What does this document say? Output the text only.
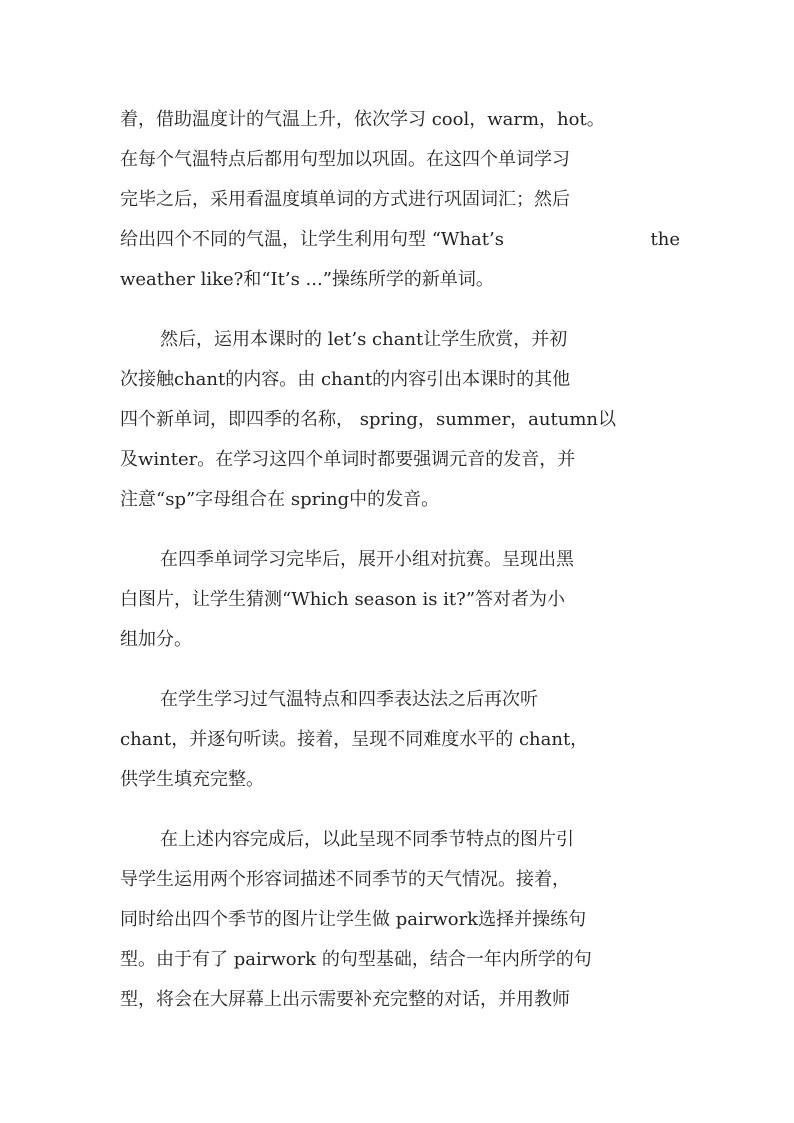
着，借助温度计的气温上升，依次学习 cool，warm，hot。
在每个气温特点后都用句型加以巩固。在这四个单词学习
完毕之后，采用看温度填单词的方式进行巩固词汇；然后
给出四个不同的气温，让学生利用句型 “What’s	the
weather like?和“It’s ...”操练所学的新单词。
然后，运用本课时的 let’s chant让学生欣赏，并初
次接触chant的内容。由 chant的内容引出本课时的其他
四个新单词，即四季的名称， spring，summer，autumn以
及winter。在学习这四个单词时都要强调元音的发音，并
注意“sp”字母组合在 spring中的发音。
在四季单词学习完毕后，展开小组对抗赛。呈现出黑
白图片，让学生猜测“Which season is it?”答对者为小
组加分。
在学生学习过气温特点和四季表达法之后再次听
chant，并逐句听读。接着，呈现不同难度水平的 chant，
供学生填充完整。
在上述内容完成后，以此呈现不同季节特点的图片引
导学生运用两个形容词描述不同季节的天气情况。接着，
同时给出四个季节的图片让学生做 pairwork选择并操练句
型。由于有了 pairwork 的句型基础，结合一年内所学的句
型，将会在大屏幕上出示需要补充完整的对话，并用教师
